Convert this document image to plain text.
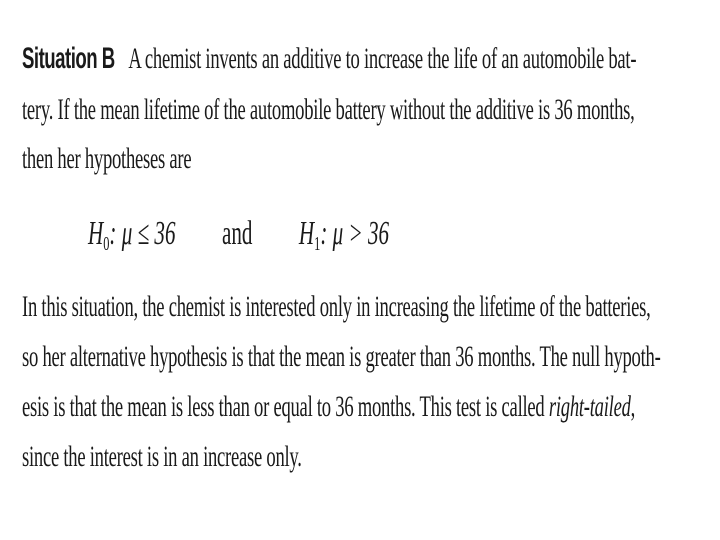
Situation B A chemist invents an additive to increase the life of an automobile bat-
tery. If the mean lifetime of the automobile battery without the additive is 36 months,
then her hypotheses are
$H_0$: μ ≤ 36 and $H_1$: μ > 36
In this situation, the chemist is interested only in increasing the lifetime of the batteries,
so her alternative hypothesis is that the mean is greater than 36 months. The null hypoth-
esis is that the mean is less than or equal to 36 months. This test is called right-tailed,
since the interest is in an increase only.
